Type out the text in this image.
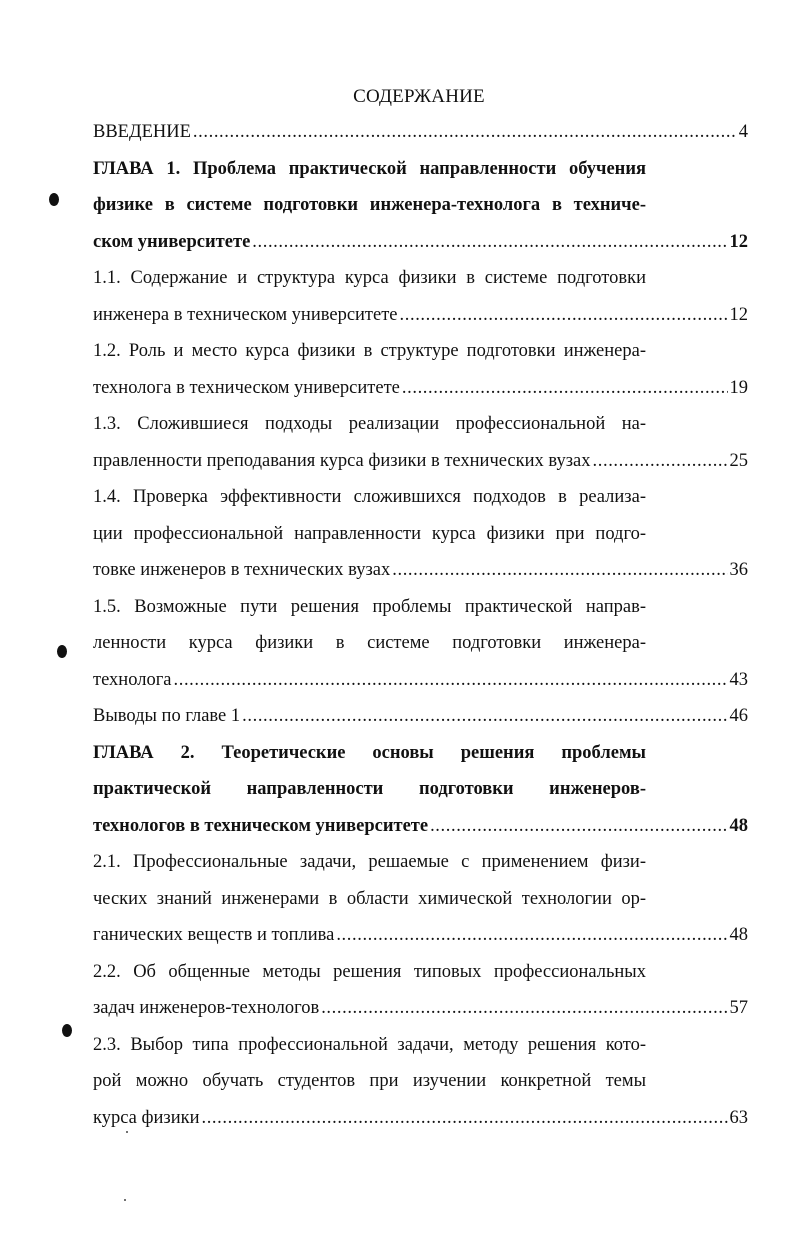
СОДЕРЖАНИЕ
ВВЕДЕНИЕ .....	4
ГЛАВА 1. Проблема практической направленности обучения
физике в системе подготовки инженера-технолога в техниче-
ском университете .....	12
1.1. Содержание и структура курса физики в системе подготовки
инженера в техническом университете .....	12
1.2. Роль и место курса физики в структуре подготовки инженера-
технолога в техническом университете .....	19
1.3. Сложившиеся подходы реализации профессиональной на-
правленности преподавания курса физики в технических вузах .....	25
1.4. Проверка эффективности сложившихся подходов в реализа-
ции профессиональной направленности курса физики при подго-
товке инженеров в технических вузах .....	36
1.5. Возможные пути решения проблемы практической направ-
ленности курса физики в системе подготовки инженера-
технолога .....	43
Выводы по главе 1 .....	46
ГЛАВА 2. Теоретические основы решения проблемы
практической направленности подготовки инженеров-
технологов в техническом университете .....	48
2.1. Профессиональные задачи, решаемые с применением физи-
ческих знаний инженерами в области химической технологии ор-
ганических веществ и топлива .....	48
2.2. Об общенные методы решения типовых профессиональных
задач инженеров-технологов .....	57
2.3. Выбор типа профессиональной задачи, методу решения кото-
рой можно обучать студентов при изучении конкретной темы
курса физики .....	63
